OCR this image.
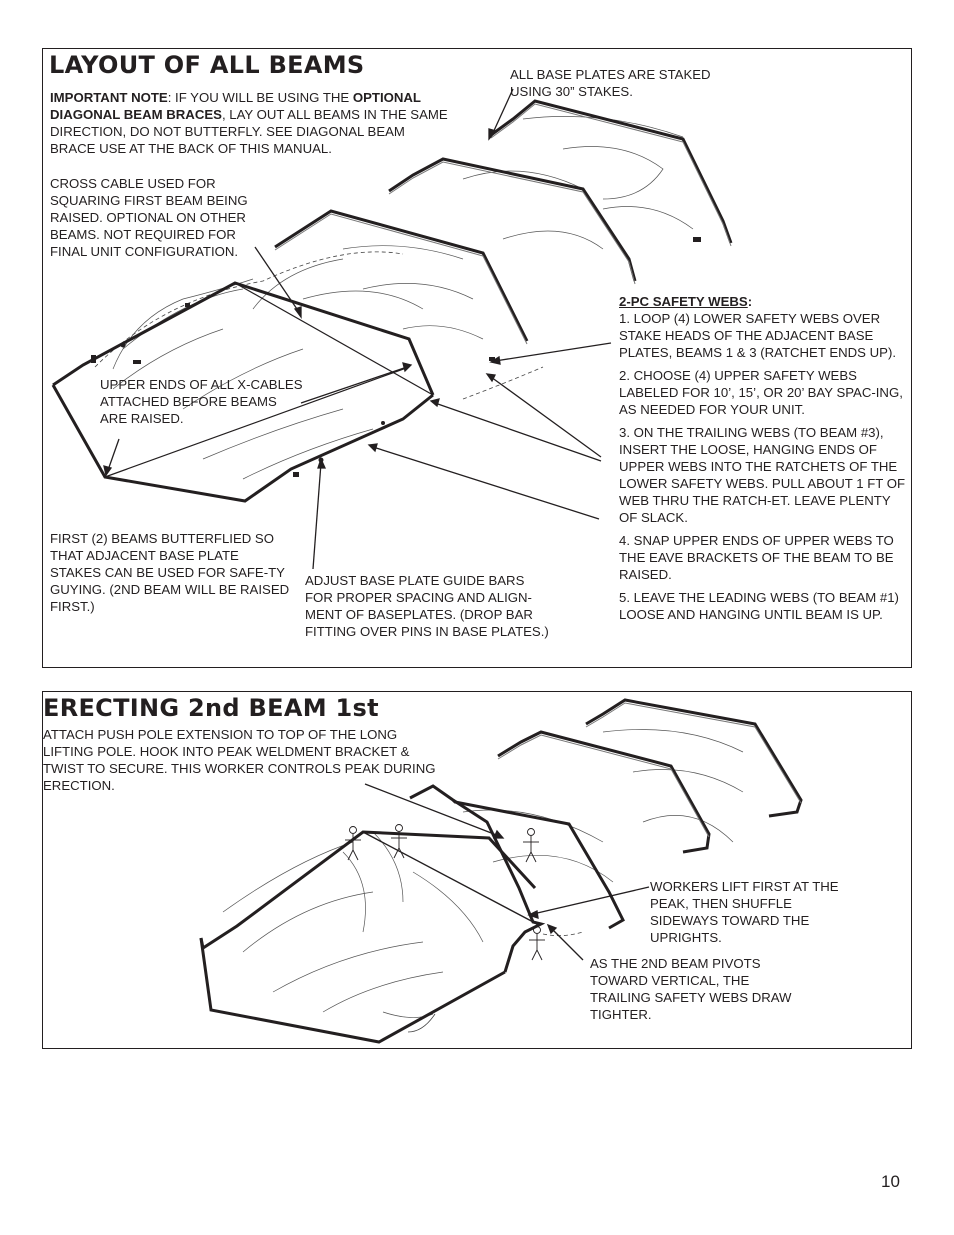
LAYOUT OF ALL BEAMS

IMPORTANT NOTE: IF YOU WILL BE USING THE OPTIONAL DIAGONAL BEAM BRACES, LAY OUT ALL BEAMS IN THE SAME DIRECTION, DO NOT BUTTERFLY. SEE DIAGONAL BEAM BRACE USE AT THE BACK OF THIS MANUAL.

CROSS CABLE USED FOR SQUARING FIRST BEAM BEING RAISED. OPTIONAL ON OTHER BEAMS. NOT REQUIRED FOR FINAL UNIT CONFIGURATION.

ALL BASE PLATES ARE STAKED USING 30” STAKES.

UPPER ENDS OF ALL X-CABLES ATTACHED BEFORE BEAMS ARE RAISED.

FIRST (2) BEAMS BUTTERFLIED SO THAT ADJACENT BASE PLATE STAKES CAN BE USED FOR SAFE-TY GUYING. (2ND BEAM WILL BE RAISED FIRST.)

ADJUST BASE PLATE GUIDE BARS FOR PROPER SPACING AND ALIGN-MENT OF BASEPLATES. (DROP BAR FITTING OVER PINS IN BASE PLATES.)

2-PC SAFETY WEBS:

1. LOOP (4) LOWER SAFETY WEBS OVER STAKE HEADS OF THE ADJACENT BASE PLATES, BEAMS 1 & 3 (RATCHET ENDS UP).

2. CHOOSE (4) UPPER SAFETY WEBS LABELED FOR 10’, 15’, OR 20’ BAY SPAC-ING, AS NEEDED FOR YOUR UNIT.

3. ON THE TRAILING WEBS (TO BEAM #3), INSERT THE LOOSE, HANGING ENDS OF UPPER WEBS INTO THE RATCHETS OF THE LOWER SAFETY WEBS. PULL ABOUT 1 FT OF WEB THRU THE RATCH-ET. LEAVE PLENTY OF SLACK.

4. SNAP UPPER ENDS OF UPPER WEBS TO THE EAVE BRACKETS OF THE BEAM TO BE RAISED.

5. LEAVE THE LEADING WEBS (TO BEAM #1) LOOSE AND HANGING UNTIL BEAM IS UP.

ERECTING 2nd BEAM 1st

ATTACH PUSH POLE EXTENSION TO TOP OF THE LONG LIFTING POLE. HOOK INTO PEAK WELDMENT BRACKET & TWIST TO SECURE. THIS WORKER CONTROLS PEAK DURING ERECTION.

WORKERS LIFT FIRST AT THE PEAK, THEN SHUFFLE SIDEWAYS TOWARD THE UPRIGHTS.

AS THE 2ND BEAM PIVOTS TOWARD VERTICAL, THE TRAILING SAFETY WEBS DRAW TIGHTER.

10
